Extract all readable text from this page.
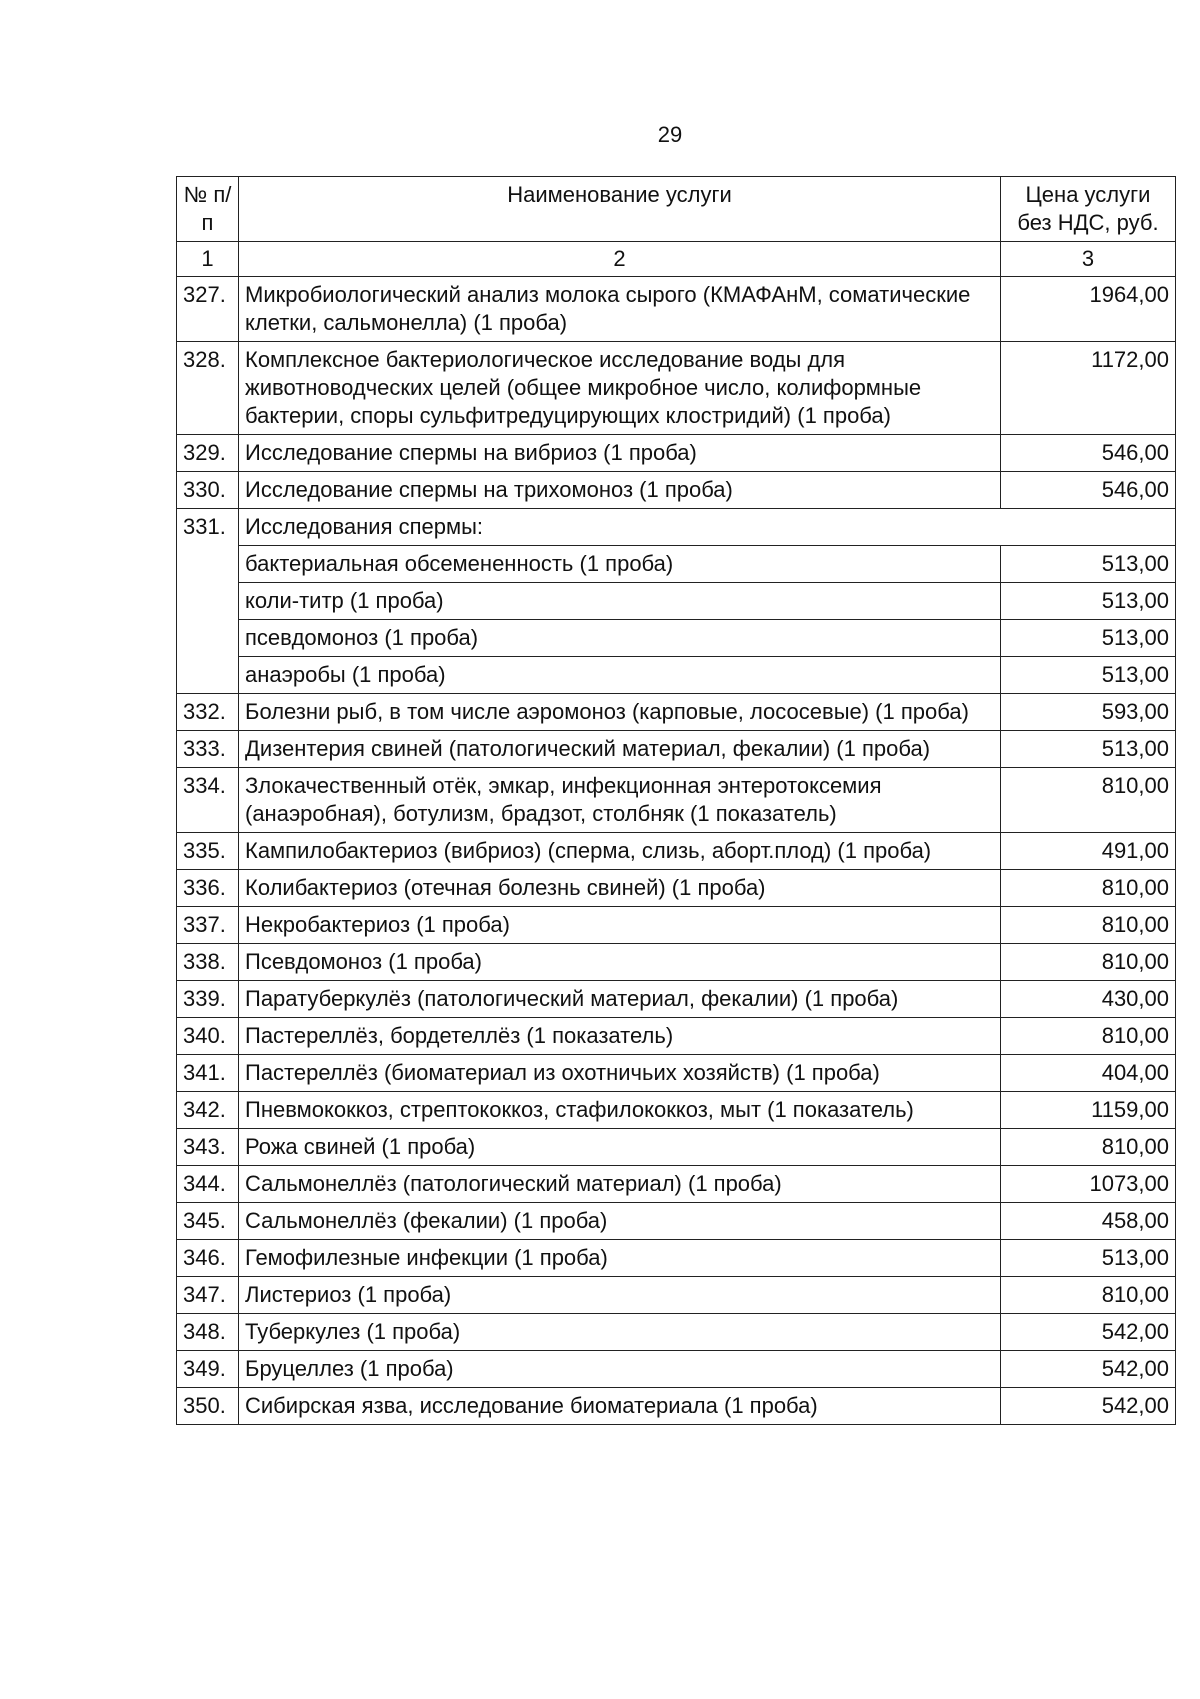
29
№ п/п	Наименование услуги	Цена услуги без НДС, руб.
1	2	3
327.	Микробиологический анализ молока сырого (КМАФАнМ, соматические клетки, сальмонелла) (1 проба)	1964,00
328.	Комплексное бактериологическое исследование воды для животноводческих целей (общее микробное число, колиформные бактерии, споры сульфитредуцирующих клостридий) (1 проба)	1172,00
329.	Исследование спермы на вибриоз (1 проба)	546,00
330.	Исследование спермы на трихомоноз (1 проба)	546,00
331.	Исследования спермы:	
	бактериальная обсемененность (1 проба)	513,00
	коли-титр (1 проба)	513,00
	псевдомоноз (1 проба)	513,00
	анаэробы (1 проба)	513,00
332.	Болезни рыб, в том числе аэромоноз (карповые, лососевые) (1 проба)	593,00
333.	Дизентерия свиней (патологический материал, фекалии) (1 проба)	513,00
334.	Злокачественный отёк, эмкар, инфекционная энтеротоксемия (анаэробная), ботулизм, брадзот, столбняк (1 показатель)	810,00
335.	Кампилобактериоз (вибриоз) (сперма, слизь, аборт.плод) (1 проба)	491,00
336.	Колибактериоз (отечная болезнь свиней) (1 проба)	810,00
337.	Некробактериоз (1 проба)	810,00
338.	Псевдомоноз (1 проба)	810,00
339.	Паратуберкулёз (патологический материал, фекалии) (1 проба)	430,00
340.	Пастереллёз, бордетеллёз (1 показатель)	810,00
341.	Пастереллёз (биоматериал из охотничьих хозяйств) (1 проба)	404,00
342.	Пневмококкоз, стрептококкоз, стафилококкоз, мыт (1 показатель)	1159,00
343.	Рожа свиней (1 проба)	810,00
344.	Сальмонеллёз (патологический материал) (1 проба)	1073,00
345.	Сальмонеллёз (фекалии) (1 проба)	458,00
346.	Гемофилезные инфекции (1 проба)	513,00
347.	Листериоз (1 проба)	810,00
348.	Туберкулез (1 проба)	542,00
349.	Бруцеллез (1 проба)	542,00
350.	Сибирская язва, исследование биоматериала (1 проба)	542,00
